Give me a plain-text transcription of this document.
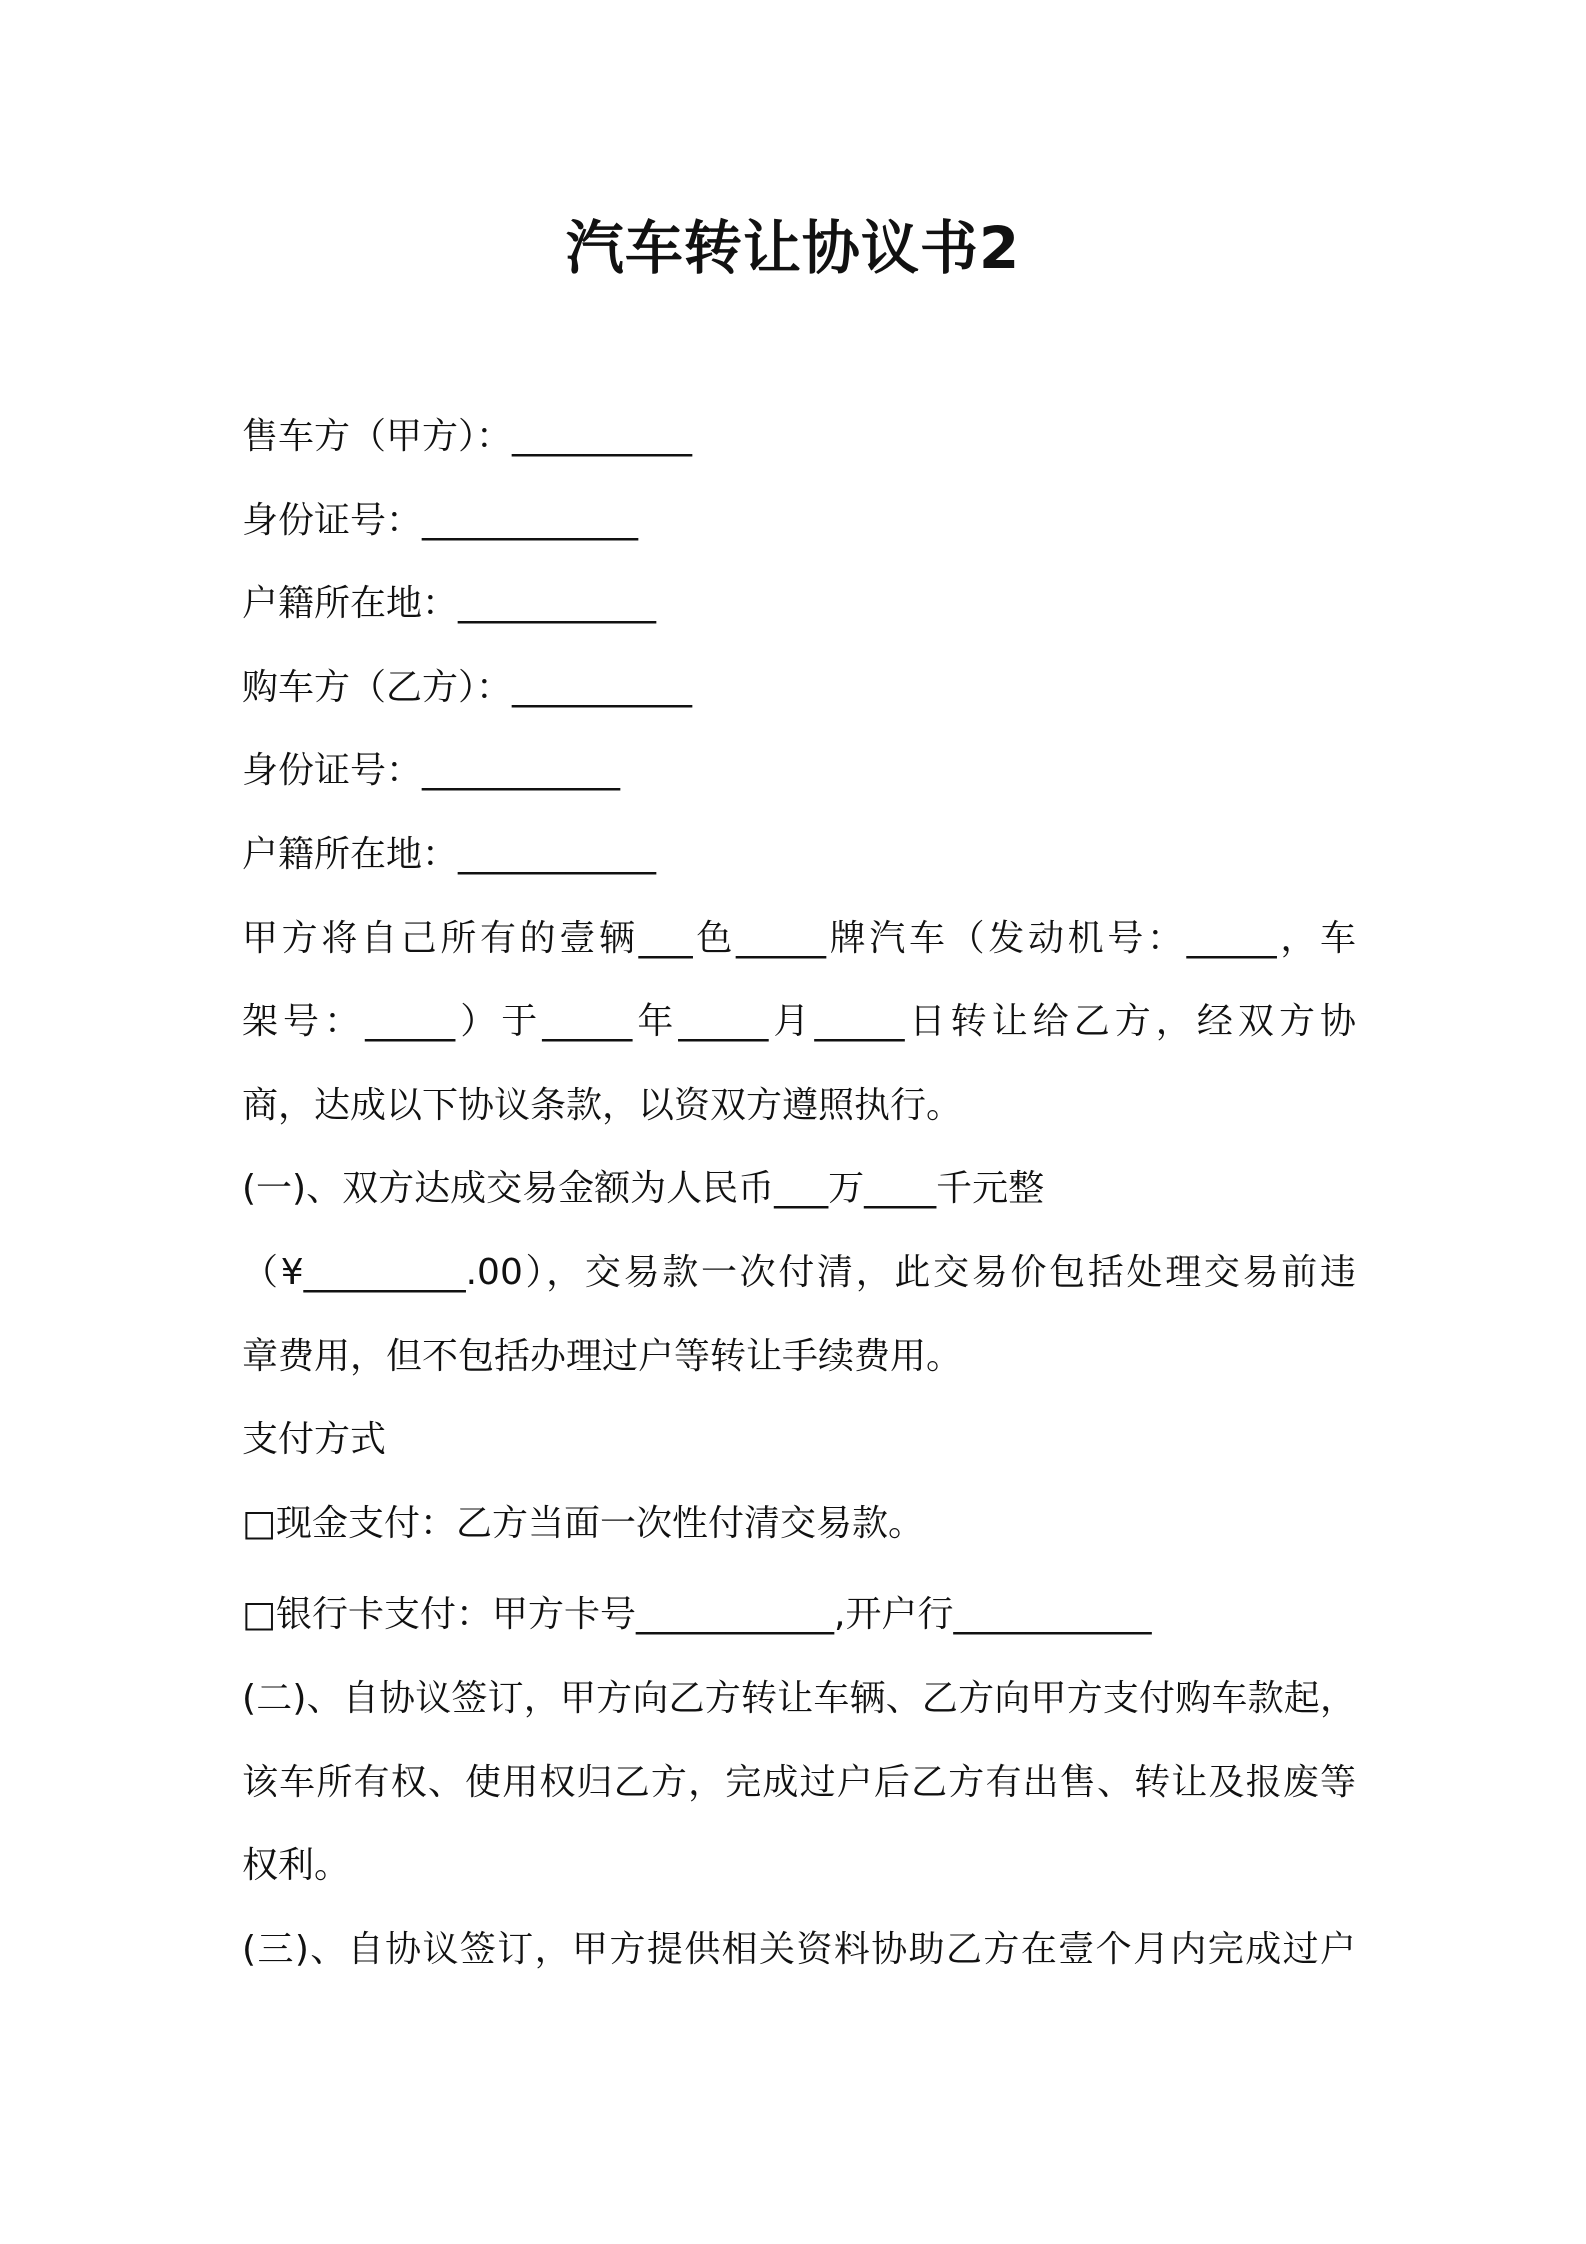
汽车转让协议书2
售车方（甲方）：__________
身份证号：____________
户籍所在地：___________
购车方（乙方）：__________
身份证号：___________
户籍所在地：___________
甲方将自己所有的壹辆___色_____牌汽车（发动机号：_____，车
架号：_____）于_____年_____月_____日转让给乙方，经双方协
商，达成以下协议条款，以资双方遵照执行。
(一)、双方达成交易金额为人民币___万____千元整
（¥_________.00），交易款一次付清，此交易价包括处理交易前违
章费用，但不包括办理过户等转让手续费用。
支付方式
□现金支付：乙方当面一次性付清交易款。
□银行卡支付：甲方卡号___________,开户行___________
(二)、自协议签订，甲方向乙方转让车辆、乙方向甲方支付购车款起，
该车所有权、使用权归乙方，完成过户后乙方有出售、转让及报废等
权利。
(三)、自协议签订，甲方提供相关资料协助乙方在壹个月内完成过户
